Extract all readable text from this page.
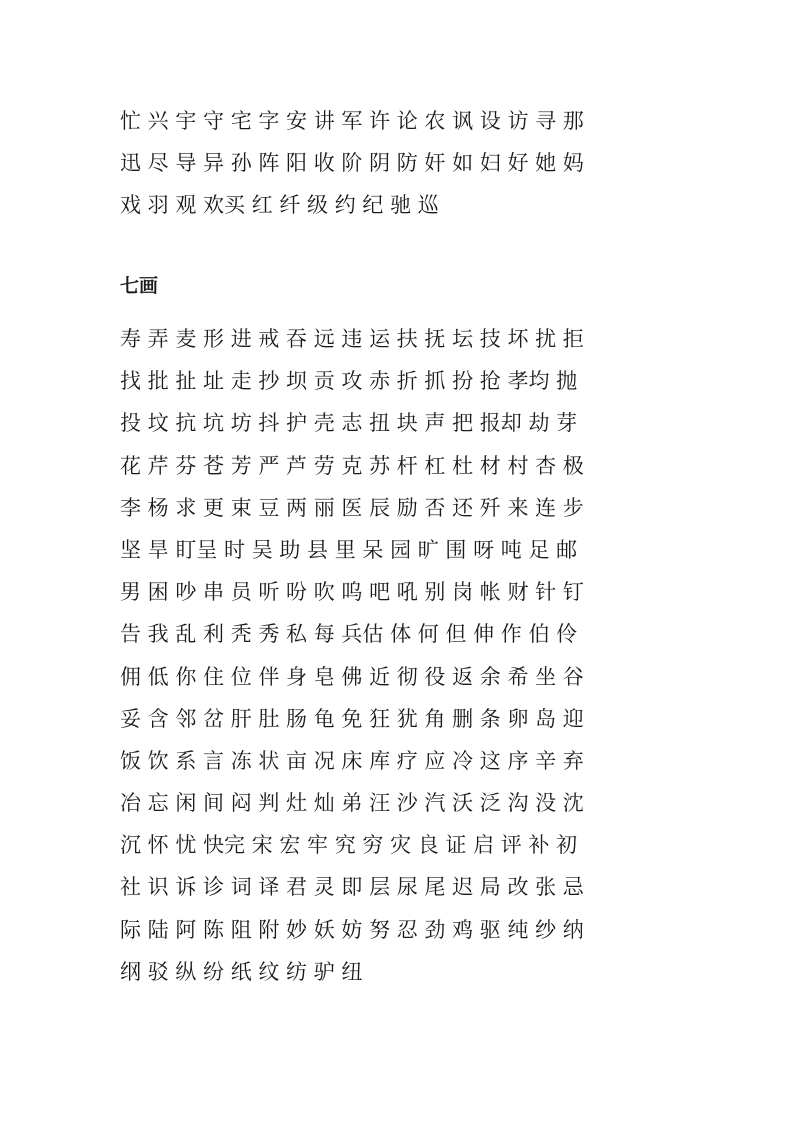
忙 兴 宇 守 宅 字 安 讲 军 许 论 农 讽 设 访 寻 那
迅 尽 导 异 孙 阵 阳 收 阶 阴 防 奸 如 妇 好 她 妈
戏 羽 观 欢买 红 纤 级 约 纪 驰 巡
七画
寿 弄 麦 形 进 戒 吞 远 违 运 扶 抚 坛 技 坏 扰 拒
找 批 扯 址 走 抄 坝 贡 攻 赤 折 抓 扮 抢 孝均 抛
投 坟 抗 坑 坊 抖 护 壳 志 扭 块 声 把 报却 劫 芽
花 芹 芬 苍 芳 严 芦 劳 克 苏 杆 杠 杜 材 村 杏 极
李 杨 求 更 束 豆 两 丽 医 辰 励 否 还 歼 来 连 步
坚 旱 盯呈 时 吴 助 县 里 呆 园 旷 围 呀 吨 足 邮
男 困 吵 串 员 听 吩 吹 呜 吧 吼 别 岗 帐 财 针 钉
告 我 乱 利 秃 秀 私 每 兵估 体 何 但 伸 作 伯 伶
佣 低 你 住 位 伴 身 皂 佛 近 彻 役 返 余 希 坐 谷
妥 含 邻 岔 肝 肚 肠 龟 免 狂 犹 角 删 条 卵 岛 迎
饭 饮 系 言 冻 状 亩 况 床 库 疗 应 冷 这 序 辛 弃
冶 忘 闲 间 闷 判 灶 灿 弟 汪 沙 汽 沃 泛 沟 没 沈
沉 怀 忧 快完 宋 宏 牢 究 穷 灾 良 证 启 评 补 初
社 识 诉 诊 词 译 君 灵 即 层 尿 尾 迟 局 改 张 忌
际 陆 阿 陈 阻 附 妙 妖 妨 努 忍 劲 鸡 驱 纯 纱 纳
纲 驳 纵 纷 纸 纹 纺 驴 纽
